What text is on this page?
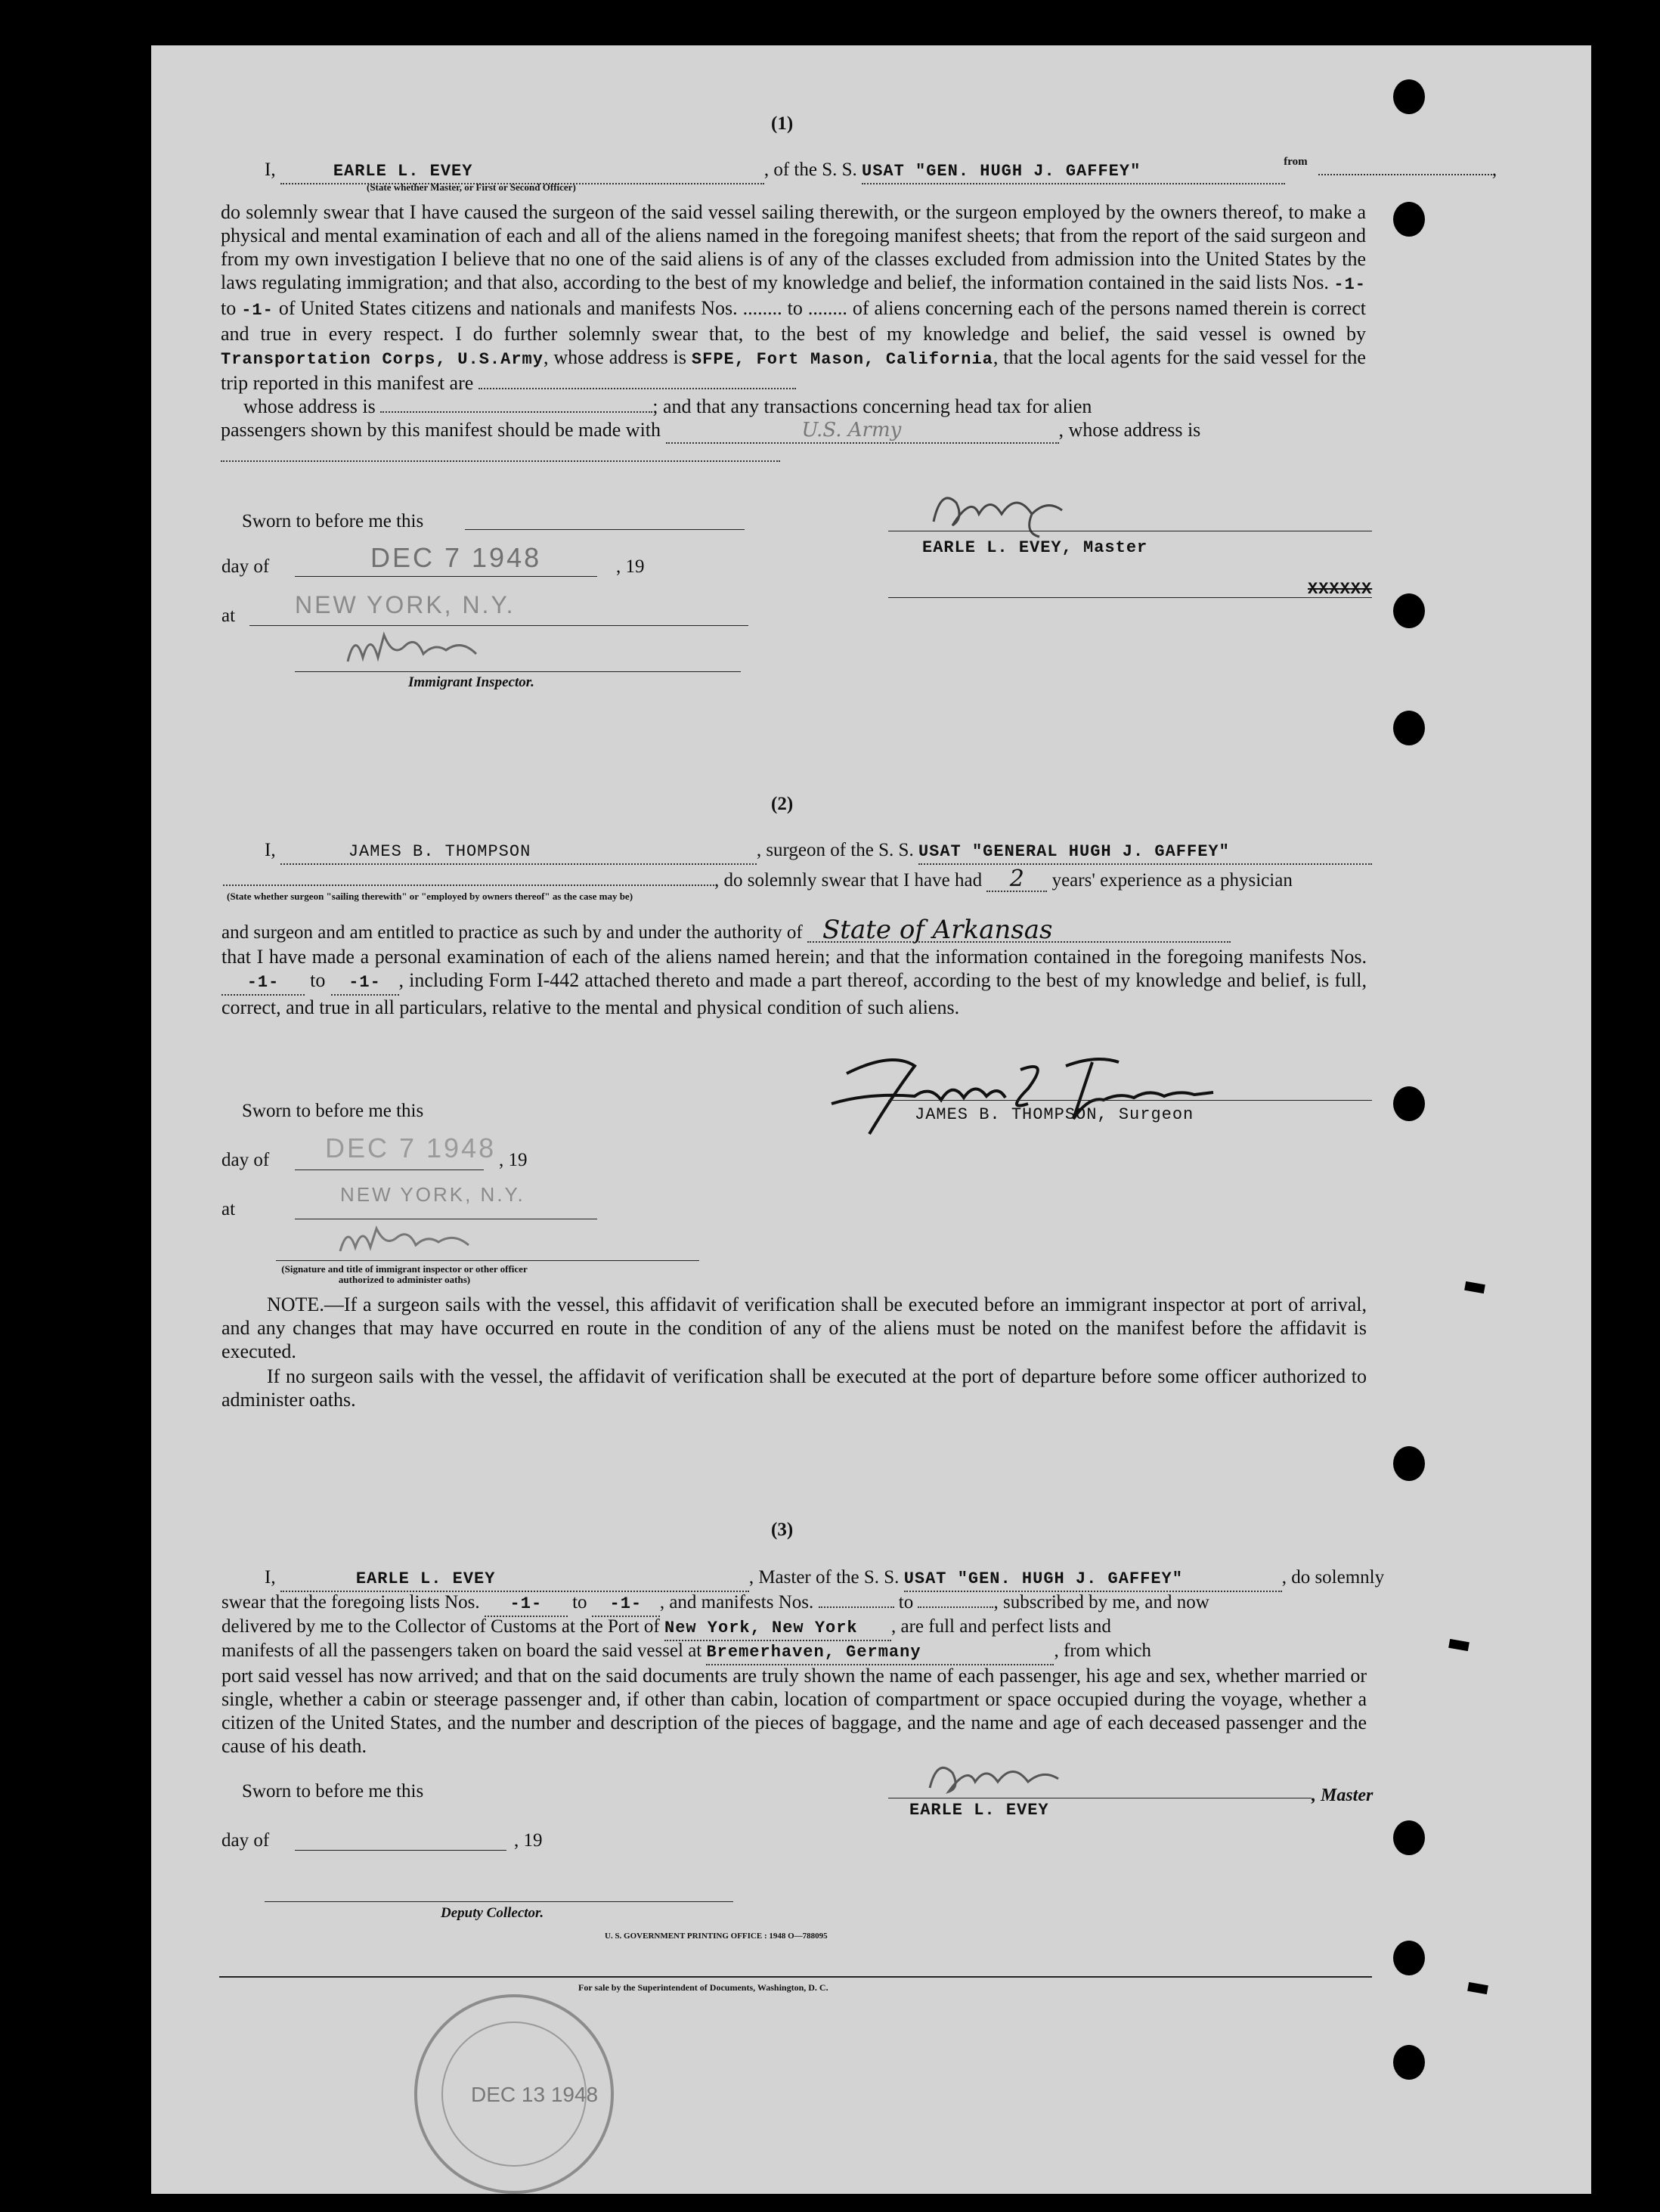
(1)
I,	EARLE L. EVEY	, of the S. S. USAT "GEN. HUGH J. GAFFEY"	$^{from}$	,
(State whether Master, or First or Second Officer)
do solemnly swear that I have caused the surgeon of the said vessel sailing therewith, or the surgeon employed by the owners thereof, to make a physical and mental examination of each and all of the aliens named in the foregoing manifest sheets; that from the report of the said surgeon and from my own investigation I believe that no one of the said aliens is of any of the classes excluded from admission into the United States by the laws regulating immigration; and that also, according to the best of my knowledge and belief, the information contained in the said lists Nos. -1- to -1- of United States citizens and nationals and manifests Nos. ........ to ........ of aliens concerning each of the persons named therein is correct and true in every respect. I do further solemnly swear that, to the best of my knowledge and belief, the said vessel is owned by Transportation Corps, U.S.Army, whose address is SFPE, Fort Mason, California, that the local agents for the said vessel for the trip reported in this manifest are
whose address is	; and that any transactions concerning head tax for alien
passengers shown by this manifest should be made with	U.S. Army	, whose address is

Sworn to before me this
day of	DEC 7 1948	, 19
at NEW YORK, N.Y.
Immigrant Inspector.
EARLE L. EVEY, Master
XXXXXX
(2)
I,	JAMES B. THOMPSON	, surgeon of the S. S. USAT "GENERAL HUGH J. GAFFEY"
, do solemnly swear that I have had 2 years' experience as a physician
(State whether surgeon "sailing therewith" or "employed by owners thereof" as the case may be)
and surgeon and am entitled to practice as such by and under the authority of State of Arkansas
that I have made a personal examination of each of the aliens named herein; and that the information contained in the foregoing manifests Nos. -1- to -1- , including Form I-442 attached thereto and made a part thereof, according to the best of my knowledge and belief, is full, correct, and true in all particulars, relative to the mental and physical condition of such aliens.
Sworn to before me this
day of DEC 7 1948 , 19
at
NEW YORK, N.Y.
(Signature and title of immigrant inspector or other officer authorized to administer oaths)
JAMES B. THOMPSON, Surgeon
NOTE.—If a surgeon sails with the vessel, this affidavit of verification shall be executed before an immigrant inspector at port of arrival, and any changes that may have occurred en route in the condition of any of the aliens must be noted on the manifest before the affidavit is executed.
If no surgeon sails with the vessel, the affidavit of verification shall be executed at the port of departure before some officer authorized to administer oaths.
(3)
I,	EARLE L. EVEY	, Master of the S. S. USAT "GEN. HUGH J. GAFFEY"	, do solemnly
swear that the foregoing lists Nos. -1- to -1- , and manifests Nos.	to	, subscribed by me, and now
delivered by me to the Collector of Customs at the Port of New York, New York , are full and perfect lists and
manifests of all the passengers taken on board the said vessel at Bremerhaven, Germany	, from which
port said vessel has now arrived; and that on the said documents are truly shown the name of each passenger, his age and sex, whether married or single, whether a cabin or steerage passenger and, if other than cabin, location of compartment or space occupied during the voyage, whether a citizen of the United States, and the number and description of the pieces of baggage, and the name and age of each deceased passenger and the cause of his death.
Sworn to before me this
day of	, 19
Deputy Collector.
EARLE L. EVEY
, Master
U. S. GOVERNMENT PRINTING OFFICE : 1948 O—788095
For sale by the Superintendent of Documents, Washington, D. C.
DEC 13 1948
